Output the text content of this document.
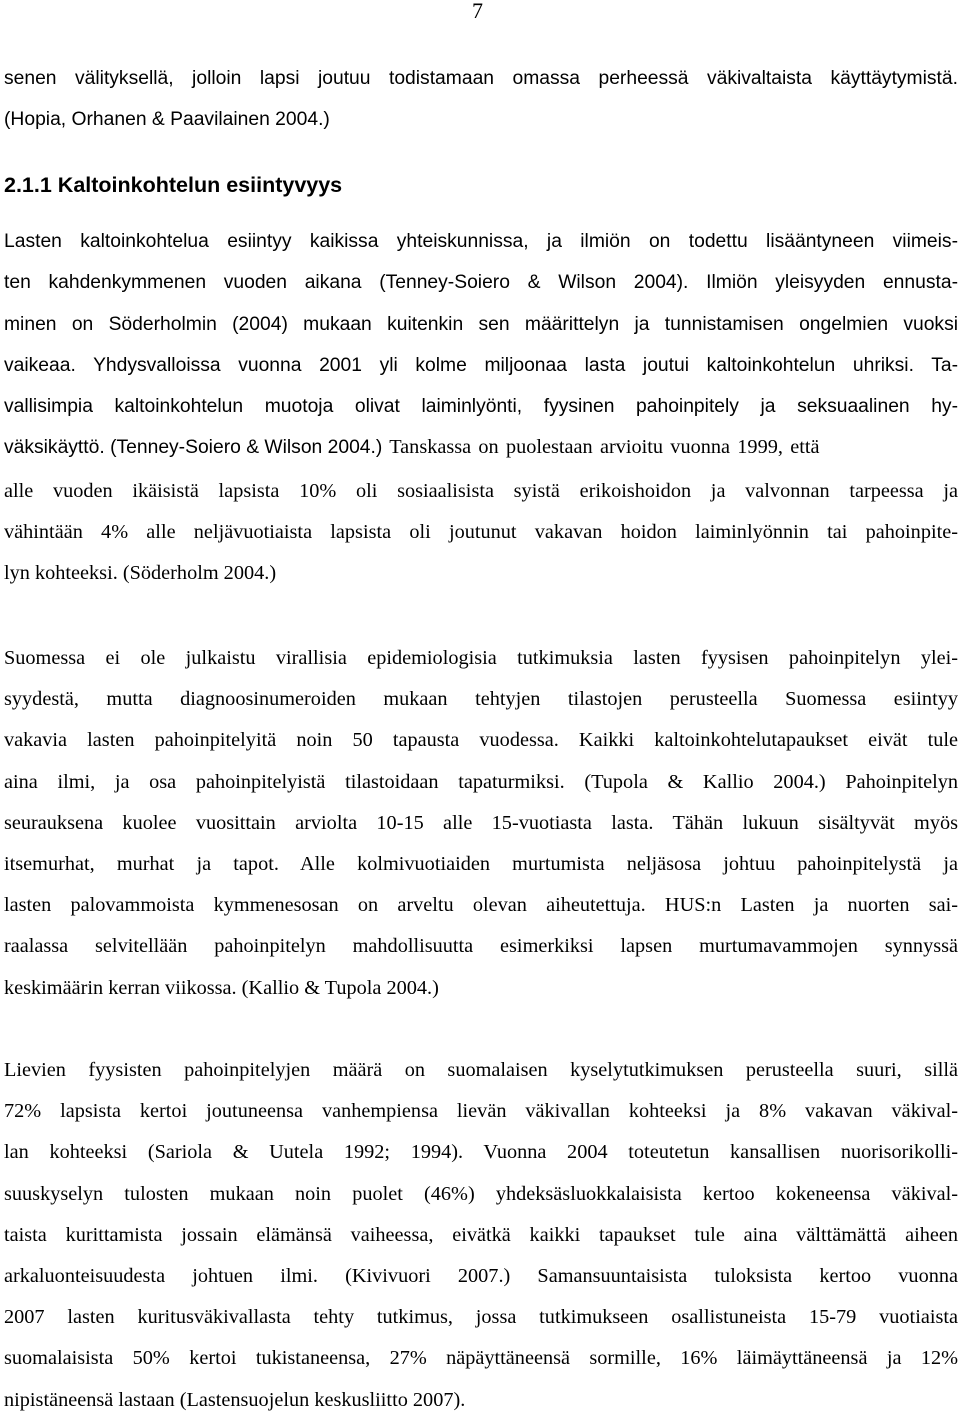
7
senen välityksellä, jolloin lapsi joutuu todistamaan omassa perheessä väkivaltaista käyttäytymistä.
(Hopia, Orhanen & Paavilainen 2004.)
2.1.1 Kaltoinkohtelun esiintyvyys
Lasten kaltoinkohtelua esiintyy kaikissa yhteiskunnissa, ja ilmiön on todettu lisääntyneen viimeis-
ten kahdenkymmenen vuoden aikana (Tenney-Soiero & Wilson 2004). Ilmiön yleisyyden ennusta-
minen on Söderholmin (2004) mukaan kuitenkin sen määrittelyn ja tunnistamisen ongelmien vuoksi
vaikeaa. Yhdysvalloissa vuonna 2001 yli kolme miljoonaa lasta joutui kaltoinkohtelun uhriksi. Ta-
vallisimpia kaltoinkohtelun muotoja olivat laiminlyönti, fyysinen pahoinpitely ja seksuaalinen hy-
väksikäyttö. (Tenney-Soiero & Wilson 2004.) Tanskassa on puolestaan arvioitu vuonna 1999, että
alle vuoden ikäisistä lapsista 10% oli sosiaalisista syistä erikoishoidon ja valvonnan tarpeessa ja
vähintään 4% alle neljävuotiaista lapsista oli joutunut vakavan hoidon laiminlyönnin tai pahoinpite-
lyn kohteeksi. (Söderholm 2004.)
Suomessa ei ole julkaistu virallisia epidemiologisia tutkimuksia lasten fyysisen pahoinpitelyn ylei-
syydestä, mutta diagnoosinumeroiden mukaan tehtyjen tilastojen perusteella Suomessa esiintyy
vakavia lasten pahoinpitelyitä noin 50 tapausta vuodessa. Kaikki kaltoinkohtelutapaukset eivät tule
aina ilmi, ja osa pahoinpitelyistä tilastoidaan tapaturmiksi. (Tupola & Kallio 2004.) Pahoinpitelyn
seurauksena kuolee vuosittain arviolta 10-15 alle 15-vuotiasta lasta. Tähän lukuun sisältyvät myös
itsemurhat, murhat ja tapot. Alle kolmivuotiaiden murtumista neljäsosa johtuu pahoinpitelystä ja
lasten palovammoista kymmenesosan on arveltu olevan aiheutettuja. HUS:n Lasten ja nuorten sai-
raalassa selvitellään pahoinpitelyn mahdollisuutta esimerkiksi lapsen murtumavammojen synnyssä
keskimäärin kerran viikossa. (Kallio & Tupola 2004.)
Lievien fyysisten pahoinpitelyjen määrä on suomalaisen kyselytutkimuksen perusteella suuri, sillä
72% lapsista kertoi joutuneensa vanhempiensa lievän väkivallan kohteeksi ja 8% vakavan väkival-
lan kohteeksi (Sariola & Uutela 1992; 1994). Vuonna 2004 toteutetun kansallisen nuorisorikolli-
suuskyselyn tulosten mukaan noin puolet (46%) yhdeksäsluokkalaisista kertoo kokeneensa väkival-
taista kurittamista jossain elämänsä vaiheessa, eivätkä kaikki tapaukset tule aina välttämättä aiheen
arkaluonteisuudesta johtuen ilmi. (Kivivuori 2007.) Samansuuntaisista tuloksista kertoo vuonna
2007 lasten kuritusväkivallasta tehty tutkimus, jossa tutkimukseen osallistuneista 15-79 vuotiaista
suomalaisista 50% kertoi tukistaneensa, 27% näpäyttäneensä sormille, 16% läimäyttäneensä ja 12%
nipistäneensä lastaan (Lastensuojelun keskusliitto 2007).
